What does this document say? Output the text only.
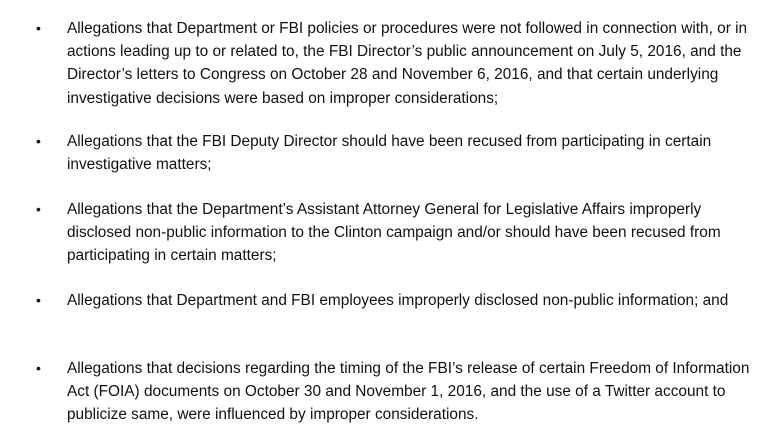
• Allegations that Department or FBI policies or procedures were not followed in connection with, or in actions leading up to or related to, the FBI Director’s public announcement on July 5, 2016, and the Director’s letters to Congress on October 28 and November 6, 2016, and that certain underlying investigative decisions were based on improper considerations;
• Allegations that the FBI Deputy Director should have been recused from participating in certain investigative matters;
• Allegations that the Department’s Assistant Attorney General for Legislative Affairs improperly disclosed non-public information to the Clinton campaign and/or should have been recused from participating in certain matters;
• Allegations that Department and FBI employees improperly disclosed non-public information; and
• Allegations that decisions regarding the timing of the FBI’s release of certain Freedom of Information Act (FOIA) documents on October 30 and November 1, 2016, and the use of a Twitter account to publicize same, were influenced by improper considerations.
